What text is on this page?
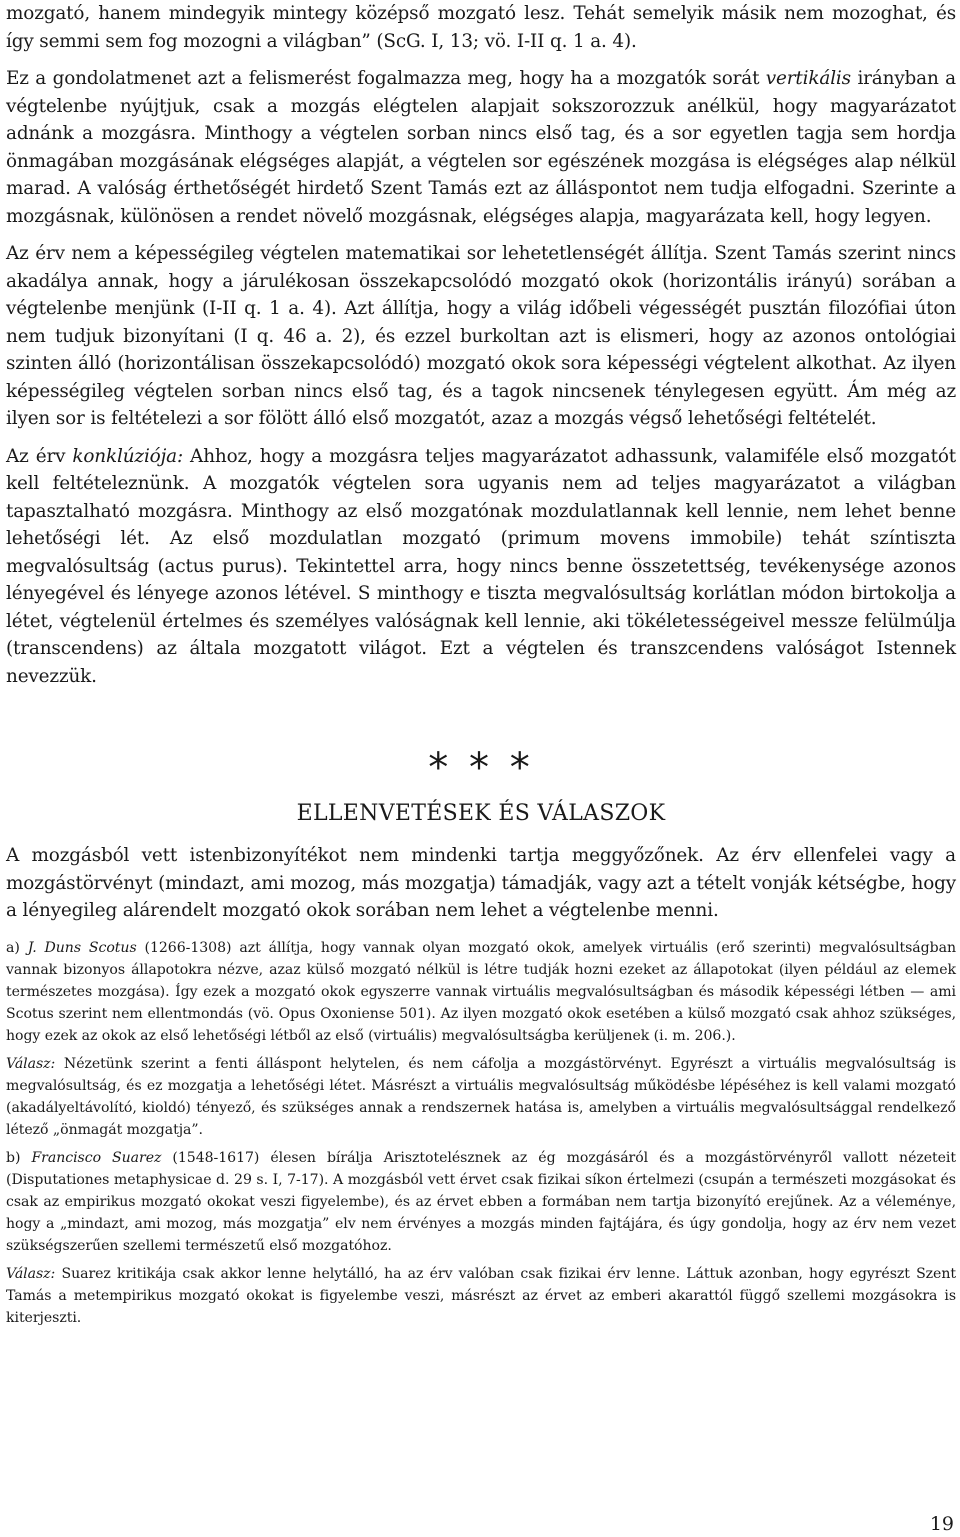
mozgató, hanem mindegyik mintegy középső mozgató lesz. Tehát semelyik másik nem mozoghat, és így semmi sem fog mozogni a világban” (ScG. I, 13; vö. I-II q. 1 a. 4).

Ez a gondolatmenet azt a felismerést fogalmazza meg, hogy ha a mozgatók sorát vertikális irányban a végtelenbe nyújtjuk, csak a mozgás elégtelen alapjait sokszorozzuk anélkül, hogy magyarázatot adnánk a mozgásra. Minthogy a végtelen sorban nincs első tag, és a sor egyetlen tagja sem hordja önmagában mozgásának elégséges alapját, a végtelen sor egészének mozgása is elégséges alap nélkül marad. A valóság érthetőségét hirdető Szent Tamás ezt az álláspontot nem tudja elfogadni. Szerinte a mozgásnak, különösen a rendet növelő mozgásnak, elégséges alapja, magyarázata kell, hogy legyen.

Az érv nem a képességileg végtelen matematikai sor lehetetlenségét állítja. Szent Tamás szerint nincs akadálya annak, hogy a járulékosan összekapcsolódó mozgató okok (horizontális irányú) sorában a végtelenbe menjünk (I-II q. 1 a. 4). Azt állítja, hogy a világ időbeli végességét pusztán filozófiai úton nem tudjuk bizonyítani (I q. 46 a. 2), és ezzel burkoltan azt is elismeri, hogy az azonos ontológiai szinten álló (horizontálisan összekapcsolódó) mozgató okok sora képességi végtelent alkothat. Az ilyen képességileg végtelen sorban nincs első tag, és a tagok nincsenek ténylegesen együtt. Ám még az ilyen sor is feltételezi a sor fölött álló első mozgatót, azaz a mozgás végső lehetőségi feltételét.

Az érv konklúziója: Ahhoz, hogy a mozgásra teljes magyarázatot adhassunk, valamiféle első mozgatót kell feltételeznünk. A mozgatók végtelen sora ugyanis nem ad teljes magyarázatot a világban tapasztalható mozgásra. Minthogy az első mozgatónak mozdulatlannak kell lennie, nem lehet benne lehetőségi lét. Az első mozdulatlan mozgató (primum movens immobile) tehát színtiszta megvalósultság (actus purus). Tekintettel arra, hogy nincs benne összetettség, tevékenysége azonos lényegével és lényege azonos létével. S minthogy e tiszta megvalósultság korlátlan módon birtokolja a létet, végtelenül értelmes és személyes valóságnak kell lennie, aki tökéletességeivel messze felülmúlja (transcendens) az általa mozgatott világot. Ezt a végtelen és transzcendens valóságot Istennek nevezzük.

* * *
ELLENVETÉSEK ÉS VÁLASZOK

A mozgásból vett istenbizonyítékot nem mindenki tartja meggyőzőnek. Az érv ellenfelei vagy a mozgástörvényt (mindazt, ami mozog, más mozgatja) támadják, vagy azt a tételt vonják kétségbe, hogy a lényegileg alárendelt mozgató okok sorában nem lehet a végtelenbe menni.

a) J. Duns Scotus (1266-1308) azt állítja, hogy vannak olyan mozgató okok, amelyek virtuális (erő szerinti) megvalósultságban vannak bizonyos állapotokra nézve, azaz külső mozgató nélkül is létre tudják hozni ezeket az állapotokat (ilyen például az elemek természetes mozgása). Így ezek a mozgató okok egyszerre vannak virtuális megvalósultságban és második képességi létben — ami Scotus szerint nem ellentmondás (vö. Opus Oxoniense 501). Az ilyen mozgató okok esetében a külső mozgató csak ahhoz szükséges, hogy ezek az okok az első lehetőségi létből az első (virtuális) megvalósultságba kerüljenek (i. m. 206.).

Válasz: Nézetünk szerint a fenti álláspont helytelen, és nem cáfolja a mozgástörvényt. Egyrészt a virtuális megvalósultság is megvalósultság, és ez mozgatja a lehetőségi létet. Másrészt a virtuális megvalósultság működésbe lépéséhez is kell valami mozgató (akadályeltávolító, kioldó) tényező, és szükséges annak a rendszernek hatása is, amelyben a virtuális megvalósultsággal rendelkező létező „önmagát mozgatja”.

b) Francisco Suarez (1548-1617) élesen bírálja Arisztotelésznek az ég mozgásáról és a mozgástörvényről vallott nézeteit (Disputationes metaphysicae d. 29 s. I, 7-17). A mozgásból vett érvet csak fizikai síkon értelmezi (csupán a természeti mozgásokat és csak az empirikus mozgató okokat veszi figyelembe), és az érvet ebben a formában nem tartja bizonyító erejűnek. Az a véleménye, hogy a „mindazt, ami mozog, más mozgatja” elv nem érvényes a mozgás minden fajtájára, és úgy gondolja, hogy az érv nem vezet szükségszerűen szellemi természetű első mozgatóhoz.

Válasz: Suarez kritikája csak akkor lenne helytálló, ha az érv valóban csak fizikai érv lenne. Láttuk azonban, hogy egyrészt Szent Tamás a metempirikus mozgató okokat is figyelembe veszi, másrészt az érvet az emberi akarattól függő szellemi mozgásokra is kiterjeszti.

19
